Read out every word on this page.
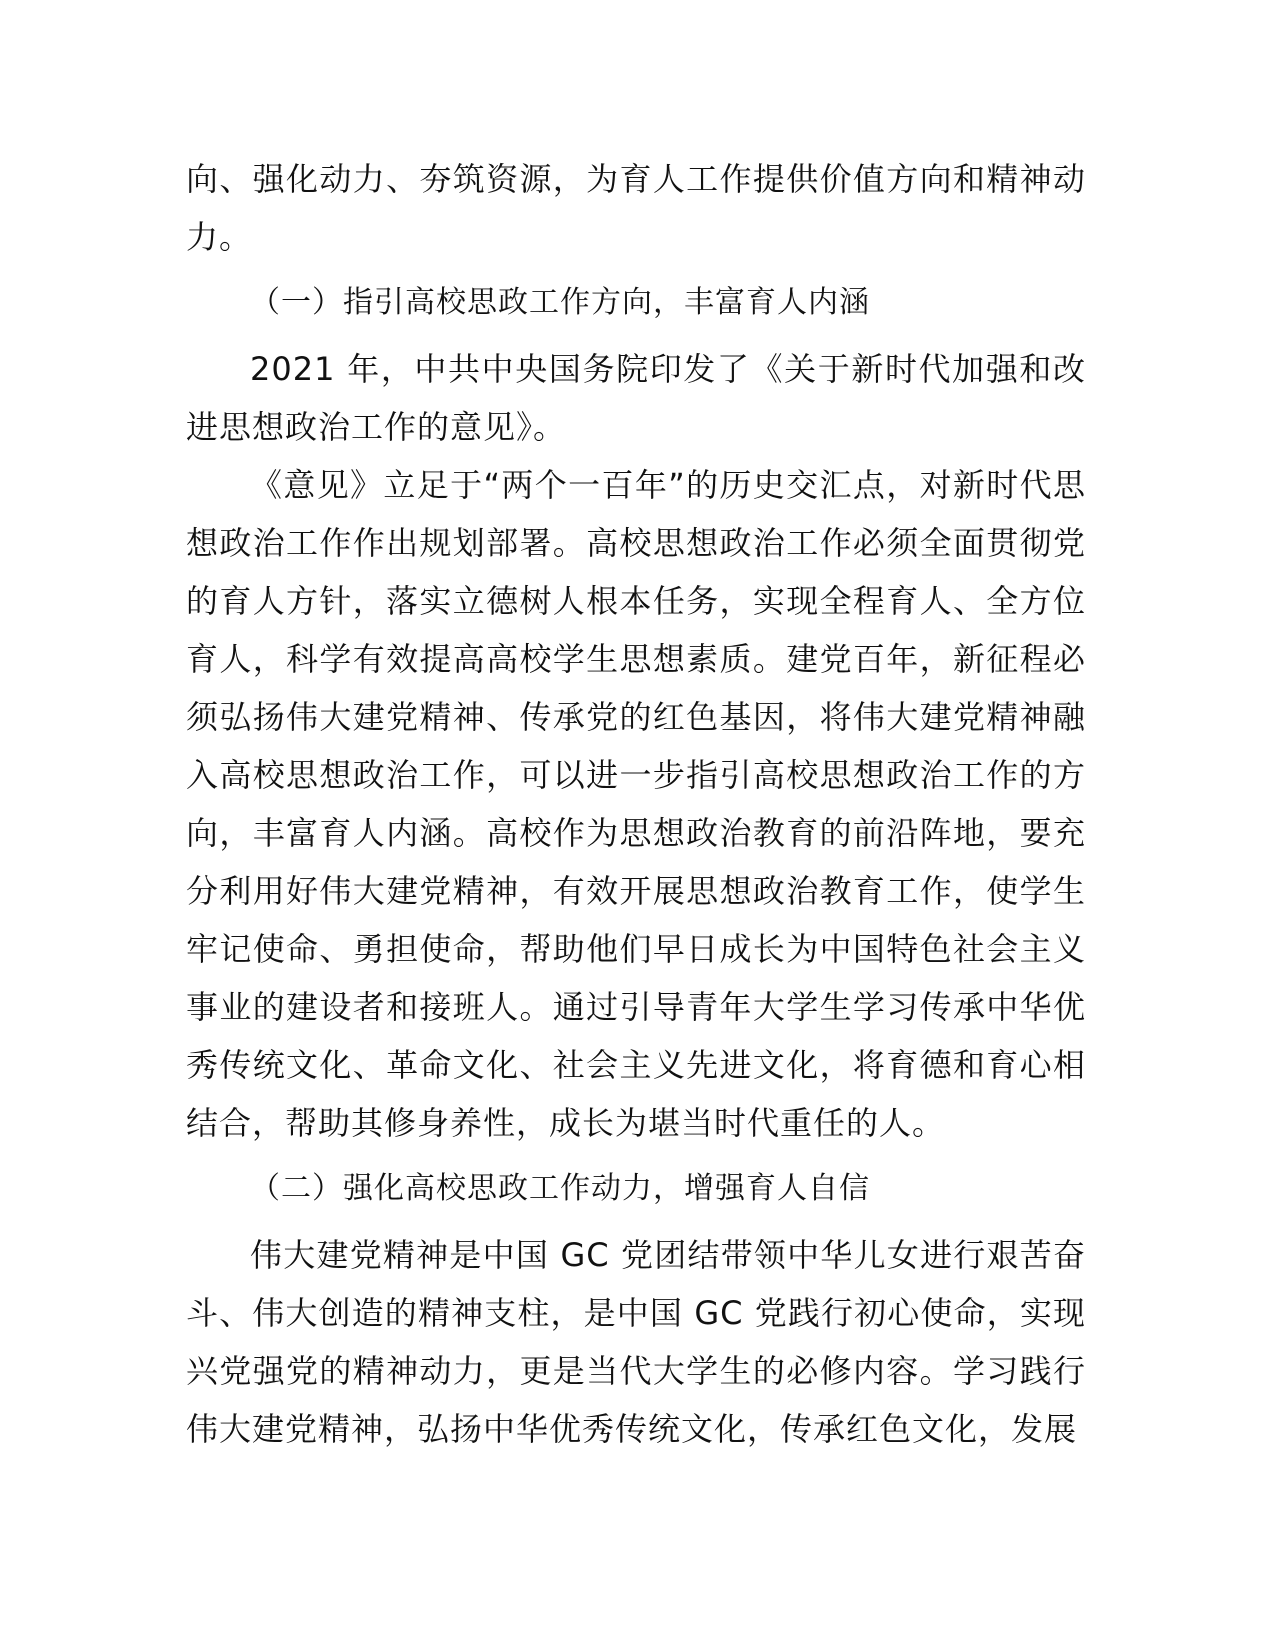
向、强化动力、夯筑资源，为育人工作提供价值方向和精神动力。

（一）指引高校思政工作方向，丰富育人内涵

2021 年，中共中央国务院印发了《关于新时代加强和改进思想政治工作的意见》。

《意见》立足于“两个一百年”的历史交汇点，对新时代思想政治工作作出规划部署。高校思想政治工作必须全面贯彻党的育人方针，落实立德树人根本任务，实现全程育人、全方位育人，科学有效提高高校学生思想素质。建党百年，新征程必须弘扬伟大建党精神、传承党的红色基因，将伟大建党精神融入高校思想政治工作，可以进一步指引高校思想政治工作的方向，丰富育人内涵。高校作为思想政治教育的前沿阵地，要充分利用好伟大建党精神，有效开展思想政治教育工作，使学生牢记使命、勇担使命，帮助他们早日成长为中国特色社会主义事业的建设者和接班人。通过引导青年大学生学习传承中华优秀传统文化、革命文化、社会主义先进文化，将育德和育心相结合，帮助其修身养性，成长为堪当时代重任的人。

（二）强化高校思政工作动力，增强育人自信

伟大建党精神是中国 GC 党团结带领中华儿女进行艰苦奋斗、伟大创造的精神支柱，是中国 GC 党践行初心使命，实现兴党强党的精神动力，更是当代大学生的必修内容。学习践行伟大建党精神，弘扬中华优秀传统文化，传承红色文化，发展
